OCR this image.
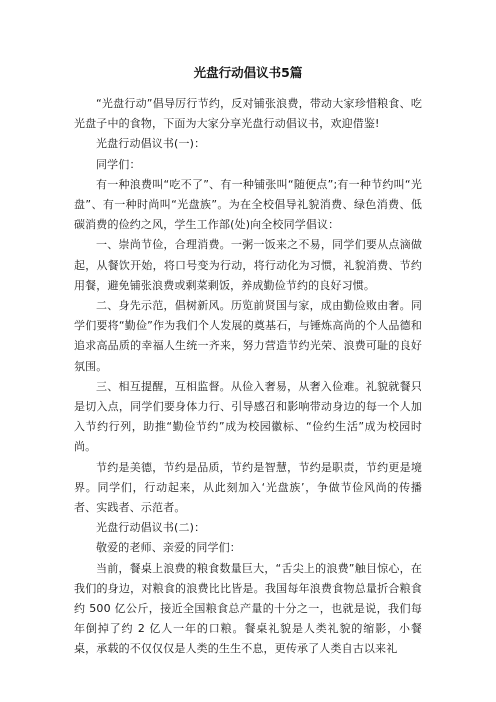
光盘行动倡议书5篇

“光盘行动”倡导厉行节约，反对铺张浪费，带动大家珍惜粮食、吃光盘子中的食物，下面为大家分享光盘行动倡议书，欢迎借鉴!

光盘行动倡议书(一)：

同学们：

有一种浪费叫“吃不了”、有一种铺张叫“随便点”;有一种节约叫“光盘”、有一种时尚叫“光盘族”。为在全校倡导礼貌消费、绿色消费、低碳消费的俭约之风，学生工作部(处)向全校同学倡议：

一、崇尚节俭，合理消费。一粥一饭来之不易，同学们要从点滴做起，从餐饮开始，将口号变为行动，将行动化为习惯，礼貌消费、节约用餐，避免铺张浪费或剩菜剩饭，养成勤俭节约的良好习惯。

二、身先示范，倡树新风。历览前贤国与家，成由勤俭败由奢。同学们要将“勤俭”作为我们个人发展的奠基石，与锤炼高尚的个人品德和追求高品质的幸福人生统一齐来，努力营造节约光荣、浪费可耻的良好氛围。

三、相互提醒，互相监督。从俭入奢易，从奢入俭难。礼貌就餐只是切入点，同学们要身体力行、引导感召和影响带动身边的每一个人加入节约行列，助推“勤俭节约”成为校园徽标、“俭约生活”成为校园时尚。

节约是美德，节约是品质，节约是智慧，节约是职责，节约更是境界。同学们，行动起来，从此刻加入‘光盘族’，争做节俭风尚的传播者、实践者、示范者。

光盘行动倡议书(二)：

敬爱的老师、亲爱的同学们：

当前，餐桌上浪费的粮食数量巨大，“舌尖上的浪费”触目惊心，在我们的身边，对粮食的浪费比比皆是。我国每年浪费食物总量折合粮食约 500 亿公斤，接近全国粮食总产量的十分之一，也就是说，我们每年倒掉了约 2 亿人一年的口粮。餐桌礼貌是人类礼貌的缩影，小餐桌，承载的不仅仅仅是人类的生生不息，更传承了人类自古以来礼
